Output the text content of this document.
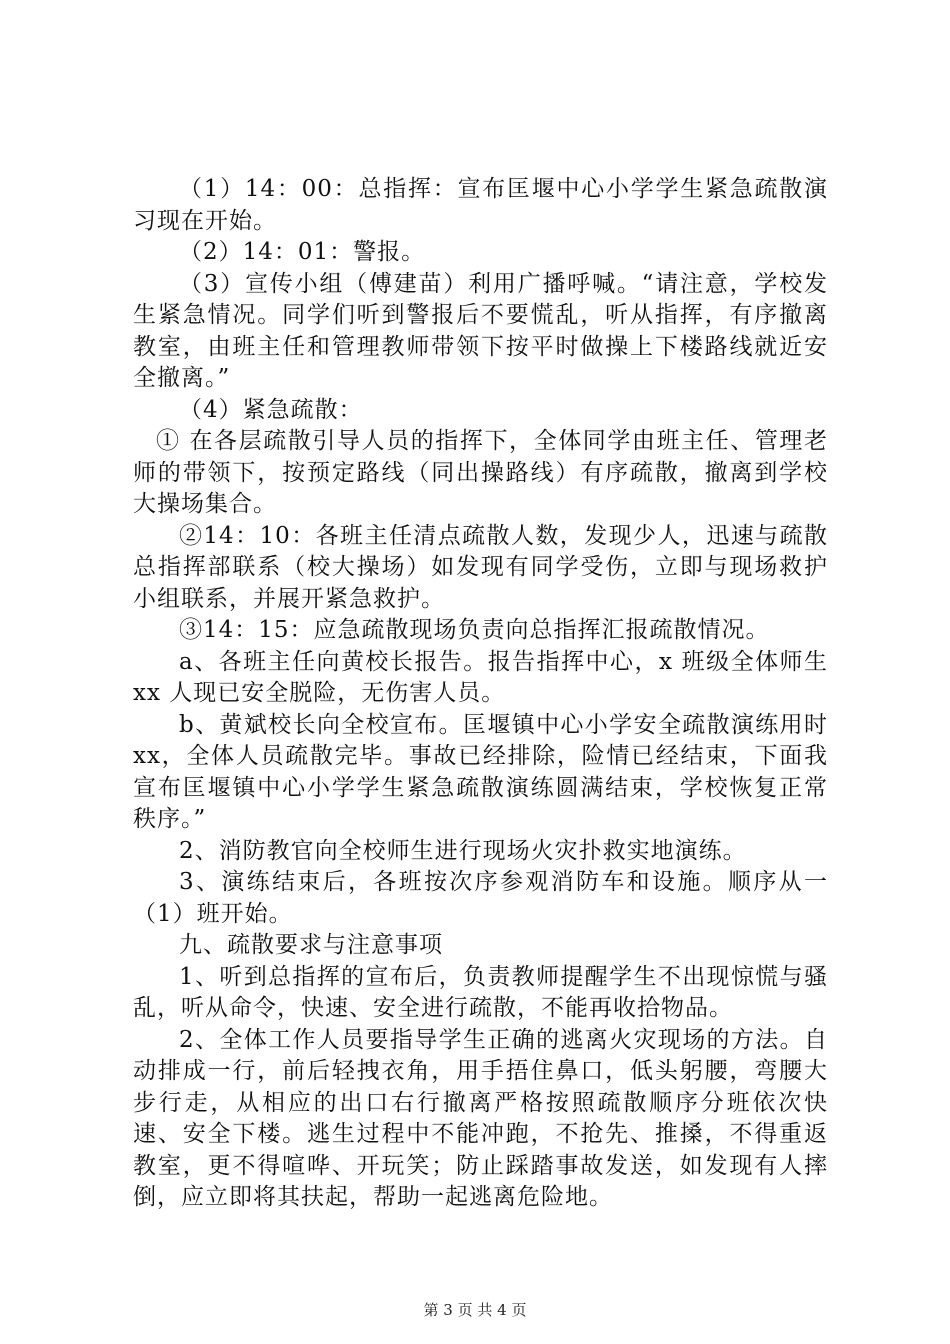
（1）14：00：总指挥：宣布匡堰中心小学学生紧急疏散演习现在开始。

（2）14：01：警报。

（3）宣传小组（傅建苗）利用广播呼喊。“请注意，学校发生紧急情况。同学们听到警报后不要慌乱，听从指挥，有序撤离教室，由班主任和管理教师带领下按平时做操上下楼路线就近安全撤离。”

（4）紧急疏散：

① 在各层疏散引导人员的指挥下，全体同学由班主任、管理老师的带领下，按预定路线（同出操路线）有序疏散，撤离到学校大操场集合。

②14：10：各班主任清点疏散人数，发现少人，迅速与疏散总指挥部联系（校大操场）如发现有同学受伤，立即与现场救护小组联系，并展开紧急救护。

③14：15：应急疏散现场负责向总指挥汇报疏散情况。

a、各班主任向黄校长报告。报告指挥中心，x 班级全体师生 xx 人现已安全脱险，无伤害人员。

b、黄斌校长向全校宣布。匡堰镇中心小学安全疏散演练用时 xx，全体人员疏散完毕。事故已经排除，险情已经结束，下面我宣布匡堰镇中心小学学生紧急疏散演练圆满结束，学校恢复正常秩序。”

2、消防教官向全校师生进行现场火灾扑救实地演练。

3、演练结束后，各班按次序参观消防车和设施。顺序从一（1）班开始。

九、疏散要求与注意事项

1、听到总指挥的宣布后，负责教师提醒学生不出现惊慌与骚乱，听从命令，快速、安全进行疏散，不能再收拾物品。

2、全体工作人员要指导学生正确的逃离火灾现场的方法。自动排成一行，前后轻拽衣角，用手捂住鼻口，低头躬腰，弯腰大步行走，从相应的出口右行撤离严格按照疏散顺序分班依次快速、安全下楼。逃生过程中不能冲跑，不抢先、推搡，不得重返教室，更不得喧哗、开玩笑；防止踩踏事故发送，如发现有人摔倒，应立即将其扶起，帮助一起逃离危险地。

第 3 页 共 4 页
